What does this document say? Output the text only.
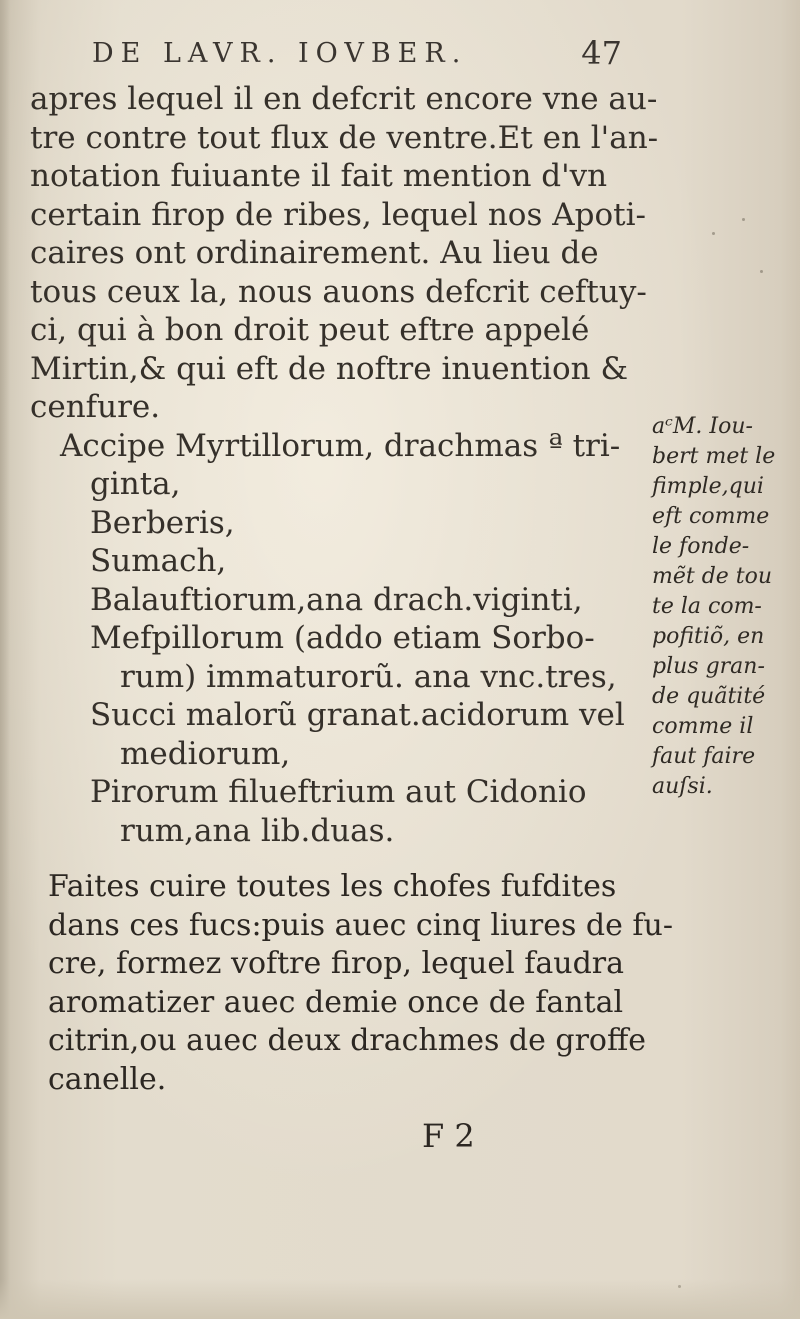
DE LAVR. IOVBER.	47
apres lequel il en defcrit encore vne au-
tre contre tout flux de ventre.Et en l'an-
notation fuiuante il fait mention d'vn
certain firop de ribes, lequel nos Apoti-
caires ont ordinairement. Au lieu de
tous ceux la, nous auons defcrit ceftuy-
ci, qui à bon droit peut eftre appelé
Mirtin,& qui eft de noftre inuention &
cenfure.
Accipe Myrtillorum, drachmas ª tri-
ginta,
Berberis,
Sumach,
Balauftiorum,ana drach.viginti,
Mefpillorum (addo etiam Sorbo-
rum) immaturorũ. ana vnc.tres,
Succi malorũ granat.acidorum vel
mediorum,
Pirorum filueftrium aut Cidonio
rum,ana lib.duas.
Faites cuire toutes les chofes fufdites
dans ces fucs:puis auec cinq liures de fu-
cre, formez voftre firop, lequel faudra
aromatizer auec demie once de fantal
citrin,ou auec deux drachmes de groffe
canelle.
aᶜM. Iou-
bert met le
fimple,qui
eft comme
le fonde-
mẽt de tou
te la com-
pofitiõ, en
plus gran-
de quãtité
comme il
faut faire
auſsi.
F 2
